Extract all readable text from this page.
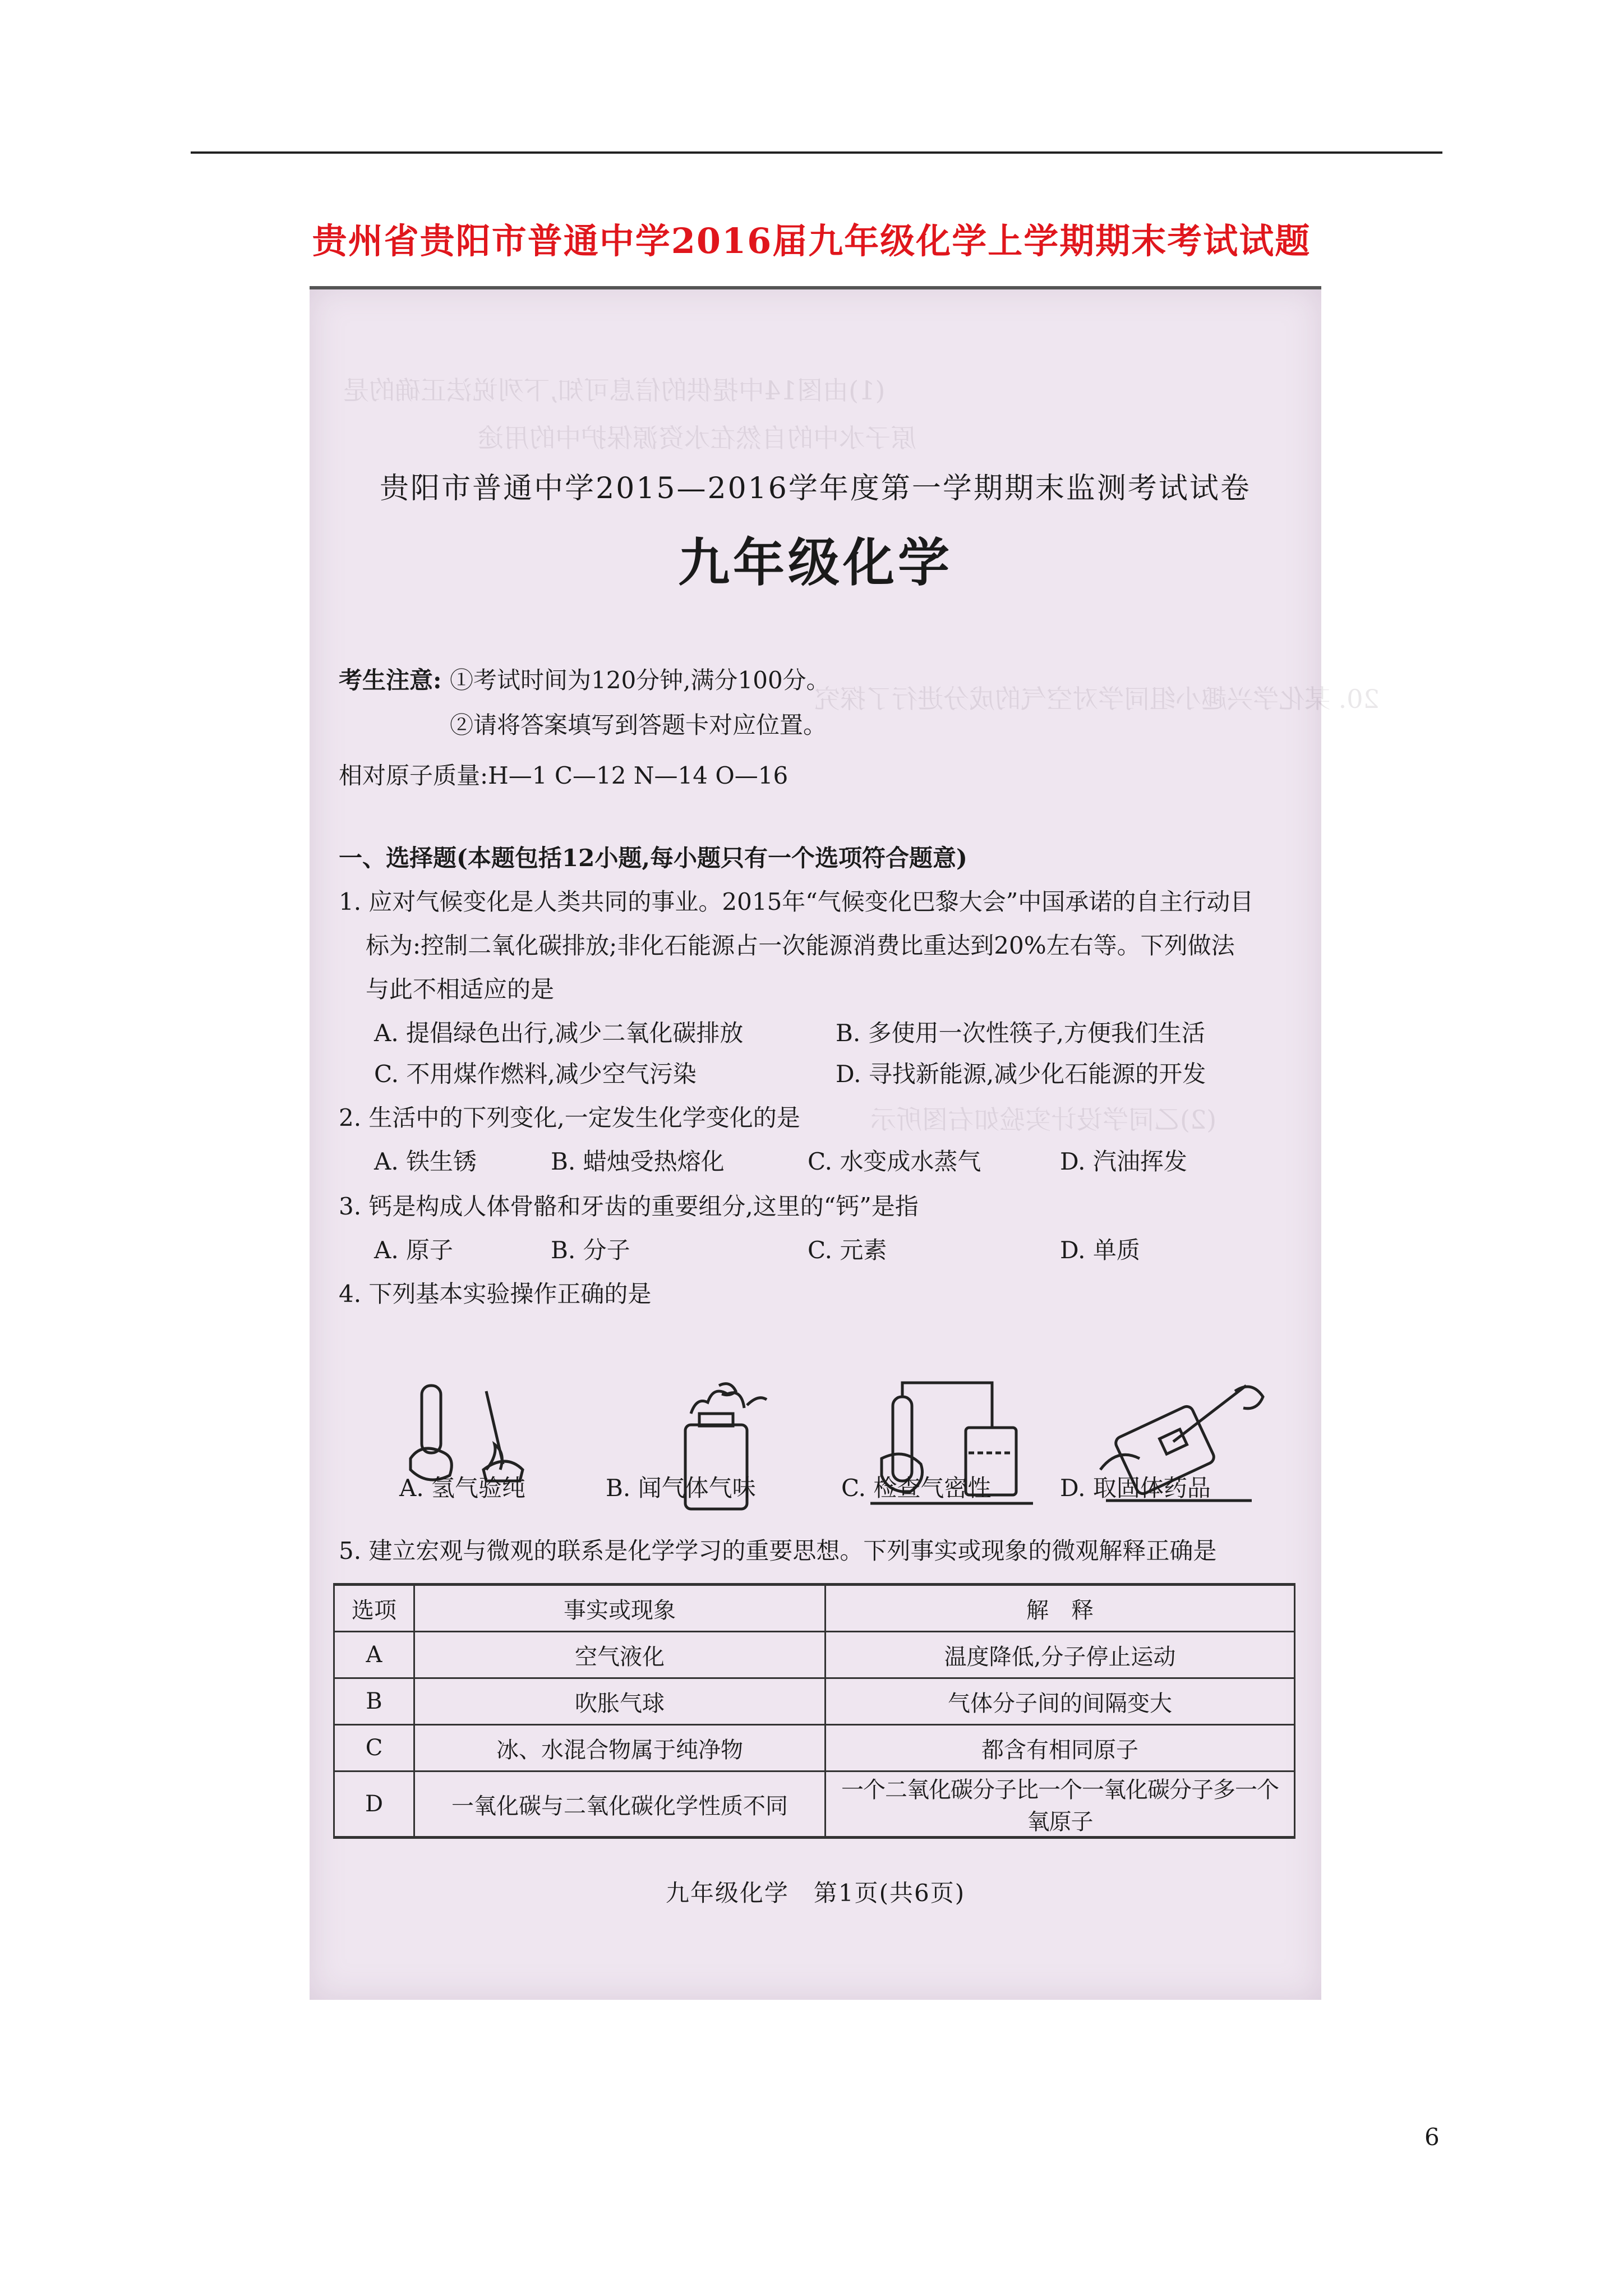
贵州省贵阳市普通中学2016届九年级化学上学期期末考试试题
(1)由图14中提供的信息可知,下列说法正确的是
原子水中的自然在水资源保护中的用途
20. 某化学兴趣小组同学对空气的成分进行了探究
(2)乙同学设计实验如右图所示
贵阳市普通中学2015—2016学年度第一学期期末监测考试试卷
九年级化学
考生注意: ①考试时间为120分钟,满分100分。
②请将答案填写到答题卡对应位置。
相对原子质量:H—1 C—12 N—14 O—16
一、选择题(本题包括12小题,每小题只有一个选项符合题意)
1. 应对气候变化是人类共同的事业。2015年“气候变化巴黎大会”中国承诺的自主行动目
标为:控制二氧化碳排放;非化石能源占一次能源消费比重达到20%左右等。下列做法
与此不相适应的是
A. 提倡绿色出行,减少二氧化碳排放	B. 多使用一次性筷子,方便我们生活
C. 不用煤作燃料,减少空气污染	D. 寻找新能源,减少化石能源的开发
2. 生活中的下列变化,一定发生化学变化的是
A. 铁生锈	B. 蜡烛受热熔化	C. 水变成水蒸气	D. 汽油挥发
3. 钙是构成人体骨骼和牙齿的重要组分,这里的“钙”是指
A. 原子	B. 分子	C. 元素	D. 单质
4. 下列基本实验操作正确的是
A. 氢气验纯	B. 闻气体气味	C. 检查气密性	D. 取固体药品
5. 建立宏观与微观的联系是化学学习的重要思想。下列事实或现象的微观解释正确是
选项	事实或现象	解　释
A	空气液化	温度降低,分子停止运动
B	吹胀气球	气体分子间的间隔变大
C	冰、水混合物属于纯净物	都含有相同原子
D	一氧化碳与二氧化碳化学性质不同	一个二氧化碳分子比一个一氧化碳分子多一个氧原子
九年级化学　第1页(共6页)
6
